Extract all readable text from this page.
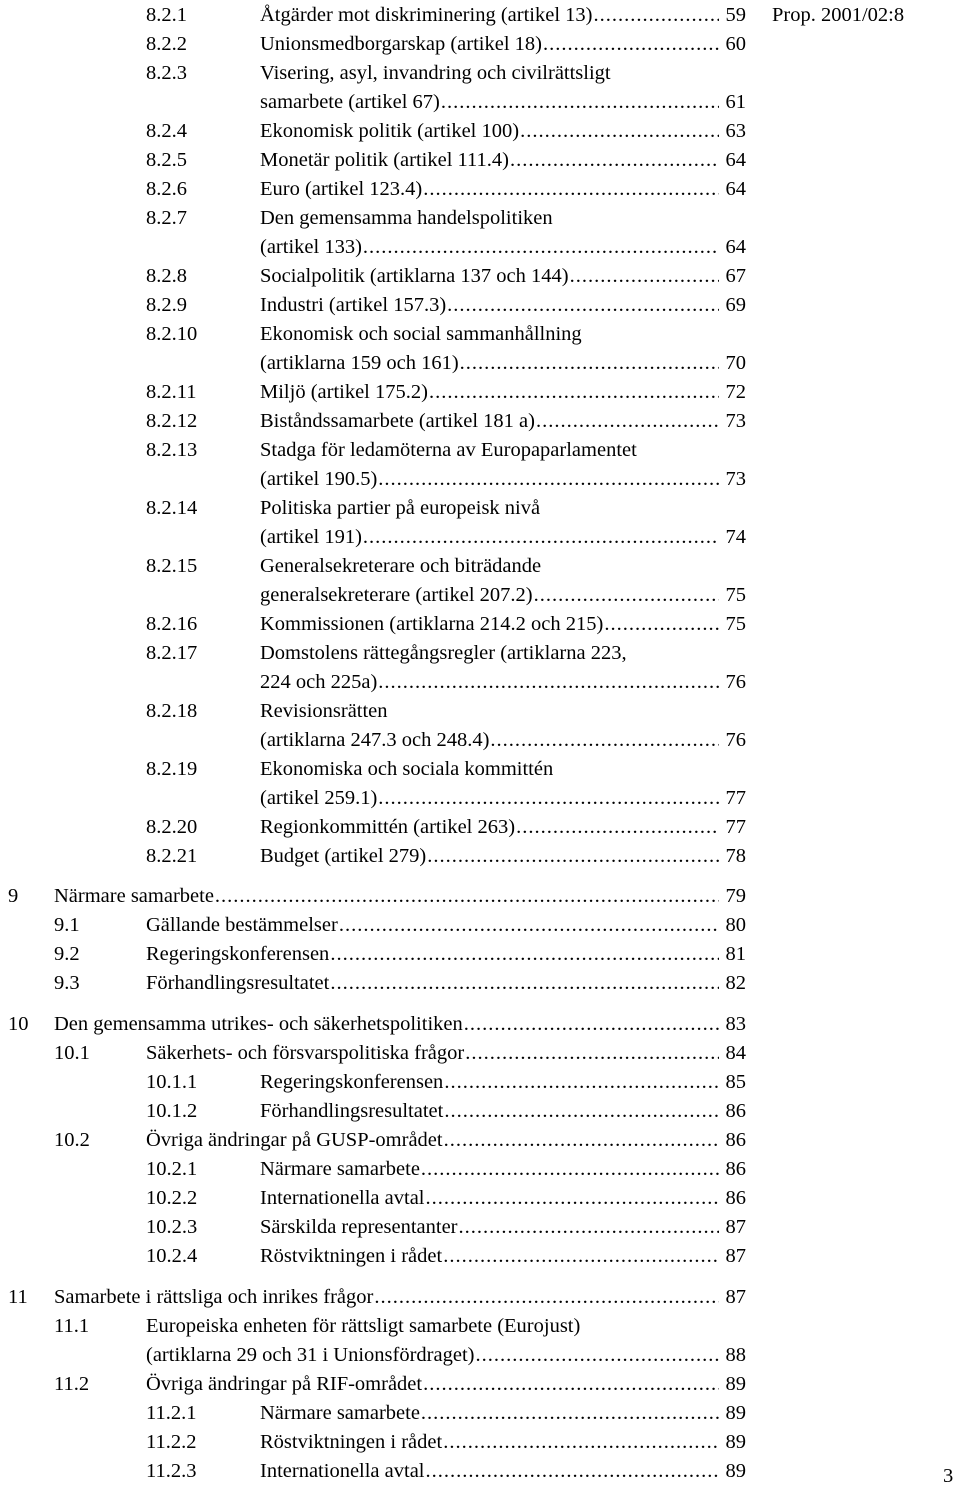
Prop. 2001/02:8
8.2.1	Åtgärder mot diskriminering (artikel 13) .....	59
8.2.2	Unionsmedborgarskap (artikel 18) .....	60
8.2.3	Visering, asyl, invandring och civilrättsligt
samarbete (artikel 67) .....	61
8.2.4	Ekonomisk politik (artikel 100) .....	63
8.2.5	Monetär politik (artikel 111.4) .....	64
8.2.6	Euro (artikel 123.4) .....	64
8.2.7	Den gemensamma handelspolitiken
(artikel 133) .....	64
8.2.8	Socialpolitik (artiklarna 137 och 144) .....	67
8.2.9	Industri (artikel 157.3) .....	69
8.2.10	Ekonomisk och social sammanhållning
(artiklarna 159 och 161) .....	70
8.2.11	Miljö (artikel 175.2) .....	72
8.2.12	Biståndssamarbete (artikel 181 a) .....	73
8.2.13	Stadga för ledamöterna av Europaparlamentet
(artikel 190.5) .....	73
8.2.14	Politiska partier på europeisk nivå
(artikel 191) .....	74
8.2.15	Generalsekreterare och biträdande
generalsekreterare (artikel 207.2) .....	75
8.2.16	Kommissionen (artiklarna 214.2 och 215) .....	75
8.2.17	Domstolens rättegångsregler (artiklarna 223,
224 och 225a) .....	76
8.2.18	Revisionsrätten
(artiklarna 247.3 och 248.4) .....	76
8.2.19	Ekonomiska och sociala kommittén
(artikel 259.1) .....	77
8.2.20	Regionkommittén (artikel 263) .....	77
8.2.21	Budget (artikel 279) .....	78
9 Närmare samarbete .....	79
9.1	Gällande bestämmelser .....	80
9.2	Regeringskonferensen .....	81
9.3	Förhandlingsresultatet .....	82
10 Den gemensamma utrikes- och säkerhetspolitiken .....	83
10.1	Säkerhets- och försvarspolitiska frågor .....	84
10.1.1	Regeringskonferensen .....	85
10.1.2	Förhandlingsresultatet .....	86
10.2	Övriga ändringar på GUSP-området .....	86
10.2.1	Närmare samarbete .....	86
10.2.2	Internationella avtal .....	86
10.2.3	Särskilda representanter .....	87
10.2.4	Röstviktningen i rådet .....	87
11 Samarbete i rättsliga och inrikes frågor .....	87
11.1	Europeiska enheten för rättsligt samarbete (Eurojust)
(artiklarna 29 och 31 i Unionsfördraget) .....	88
11.2	Övriga ändringar på RIF-området .....	89
11.2.1	Närmare samarbete .....	89
11.2.2	Röstviktningen i rådet .....	89
11.2.3	Internationella avtal .....	89	3
